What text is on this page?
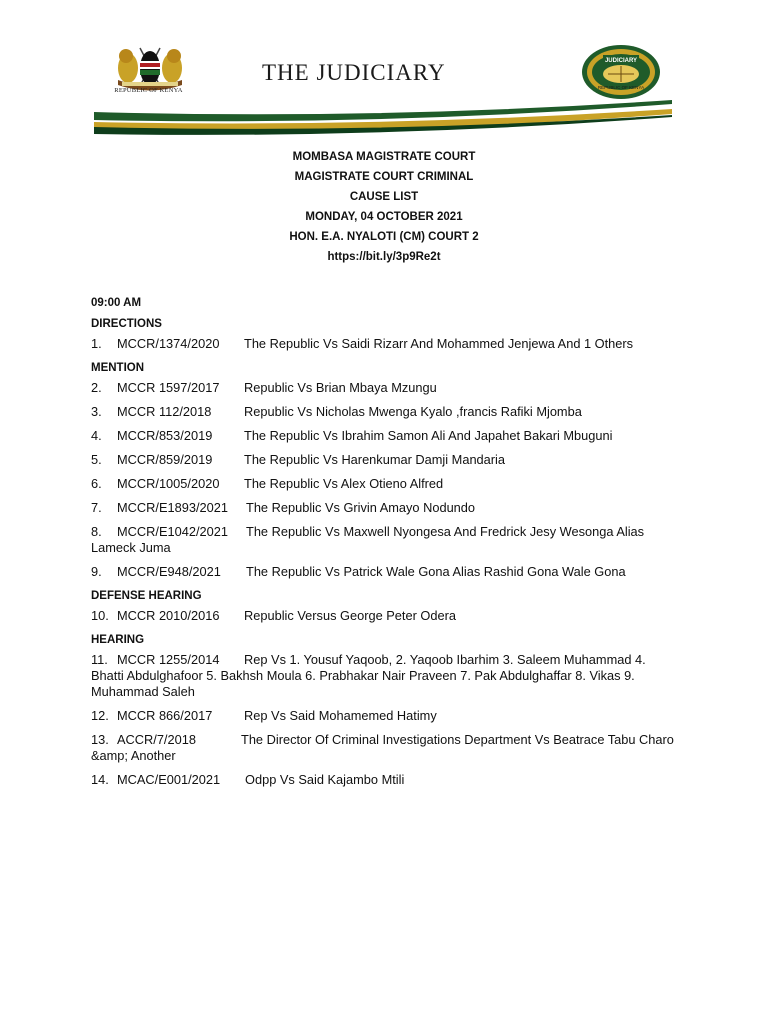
JUDICIARY
REPUBLIC OF KENYA
THE JUDICIARY
REPUBLIC OF KENYA
MOMBASA MAGISTRATE COURT
MAGISTRATE COURT CRIMINAL
CAUSE LIST
MONDAY, 04 OCTOBER 2021
HON. E.A. NYALOTI (CM) COURT 2
https://bit.ly/3p9Re2t
09:00 AM
DIRECTIONS
1. MCCR/1374/2020 The Republic Vs Saidi Rizarr And Mohammed Jenjewa And 1 Others
MENTION
2. MCCR 1597/2017 Republic Vs Brian Mbaya Mzungu
3. MCCR 112/2018	Republic Vs Nicholas Mwenga Kyalo ,francis Rafiki Mjomba
4. MCCR/853/2019 The Republic Vs Ibrahim Samon Ali And Japahet Bakari Mbuguni
5. MCCR/859/2019 The Republic Vs Harenkumar Damji Mandaria
6. MCCR/1005/2020 The Republic Vs Alex Otieno Alfred
7. MCCR/E1893/2021 The Republic Vs Grivin Amayo Nodundo
8. MCCR/E1042/2021 The Republic Vs Maxwell Nyongesa And Fredrick Jesy Wesonga Alias Lameck Juma
9. MCCR/E948/2021 The Republic Vs Patrick Wale Gona Alias Rashid Gona Wale Gona
DEFENSE HEARING
10. MCCR 2010/2016 Republic Versus George Peter Odera
HEARING
11. MCCR 1255/2014 Rep Vs 1. Yousuf Yaqoob, 2. Yaqoob Ibarhim 3. Saleem Muhammad 4. Bhatti Abdulghafoor 5. Bakhsh Moula 6. Prabhakar Nair Praveen 7. Pak Abdulghaffar 8. Vikas 9. Muhammad Saleh
12. MCCR 866/2017 Rep Vs Said Mohamemed Hatimy
13. ACCR/7/2018	The Director Of Criminal Investigations Department Vs Beatrace Tabu Charo &amp; Another
14. MCAC/E001/2021 Odpp Vs Said Kajambo Mtili
